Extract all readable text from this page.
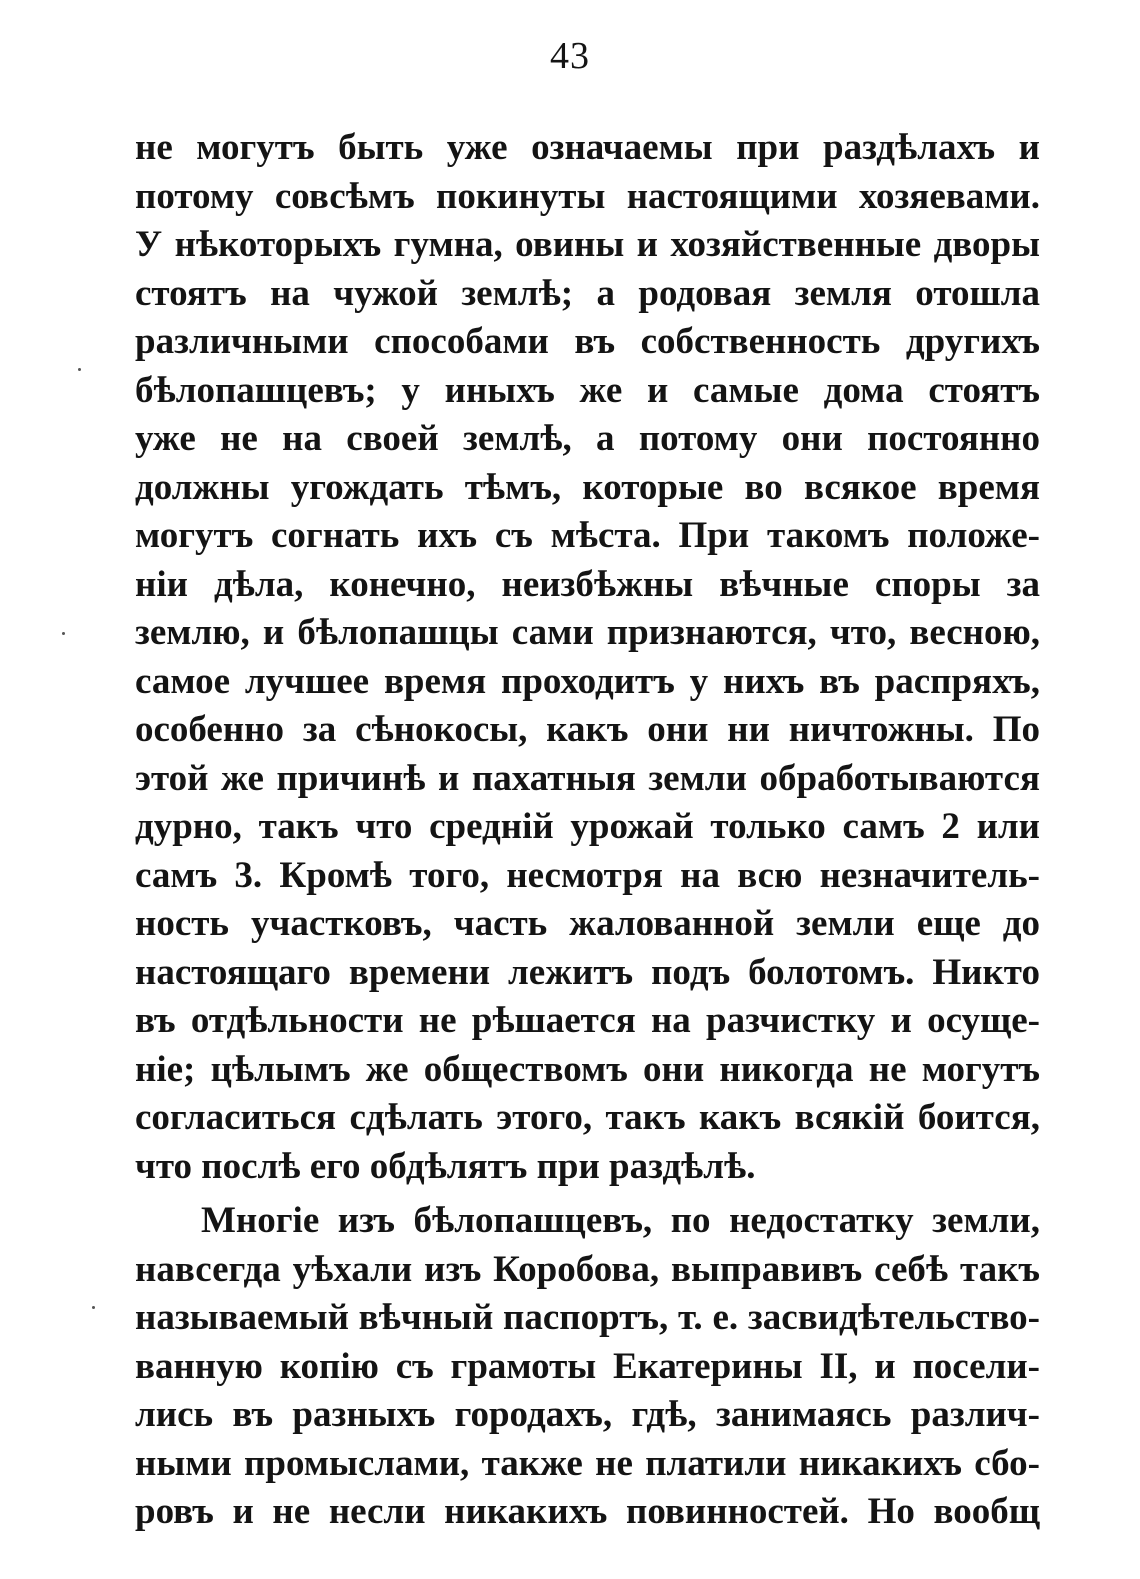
43
не могутъ быть уже означаемы при раздѣлахъ и
потому совсѣмъ покинуты настоящими хозяевами.
У нѣкоторыхъ гумна, овины и хозяйственные дворы
стоятъ на чужой землѣ; а родовая земля отошла
различными способами въ собственность другихъ
бѣлопашцевъ; у иныхъ же и самые дома стоятъ
уже не на своей землѣ, а потому они постоянно
должны угождать тѣмъ, которые во всякое время
могутъ согнать ихъ съ мѣста. При такомъ положе-
ніи дѣла, конечно, неизбѣжны вѣчные споры за
землю, и бѣлопашцы сами признаются, что, весною,
самое лучшее время проходитъ у нихъ въ распряхъ,
особенно за сѣнокосы, какъ они ни ничтожны. По
этой же причинѣ и пахатныя земли обработываются
дурно, такъ что средній урожай только самъ 2 или
самъ 3. Кромѣ того, несмотря на всю незначитель-
ность участковъ, часть жалованной земли еще до
настоящаго времени лежитъ подъ болотомъ. Никто
въ отдѣльности не рѣшается на разчистку и осуще-
ніе; цѣлымъ же обществомъ они никогда не могутъ
согласиться сдѣлать этого, такъ какъ всякій боится,
что послѣ его обдѣлятъ при раздѣлѣ.
Многіе изъ бѣлопашцевъ, по недостатку земли,
навсегда уѣхали изъ Коробова, выправивъ себѣ такъ
называемый вѣчный паспортъ, т. е. засвидѣтельство-
ванную копію съ грамоты Екатерины II, и посели-
лись въ разныхъ городахъ, гдѣ, занимаясь различ-
ными промыслами, также не платили никакихъ сбо-
ровъ и не несли никакихъ повинностей. Но вообщ
